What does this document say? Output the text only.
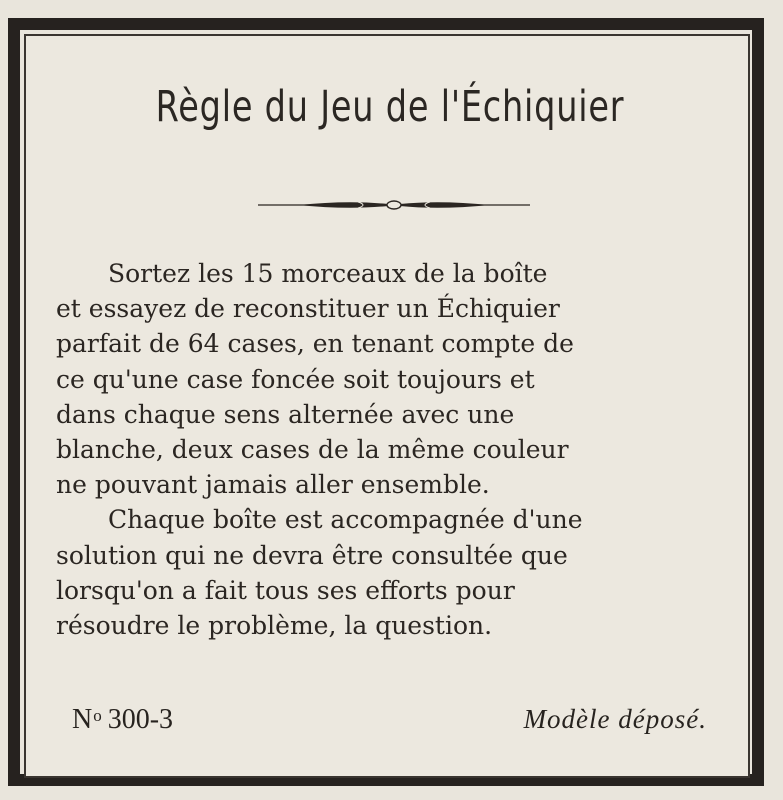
Règle du Jeu de l'Échiquier

Sortez les 15 morceaux de la boîte
et essayez de reconstituer un Échiquier
parfait de 64 cases, en tenant compte de
ce qu'une case foncée soit toujours et
dans chaque sens alternée avec une
blanche, deux cases de la même couleur
ne pouvant jamais aller ensemble.

Chaque boîte est accompagnée d'une
solution qui ne devra être consultée que
lorsqu'on a fait tous ses efforts pour
résoudre le problème, la question.

$N^o$ 300-3	Modèle déposé.
